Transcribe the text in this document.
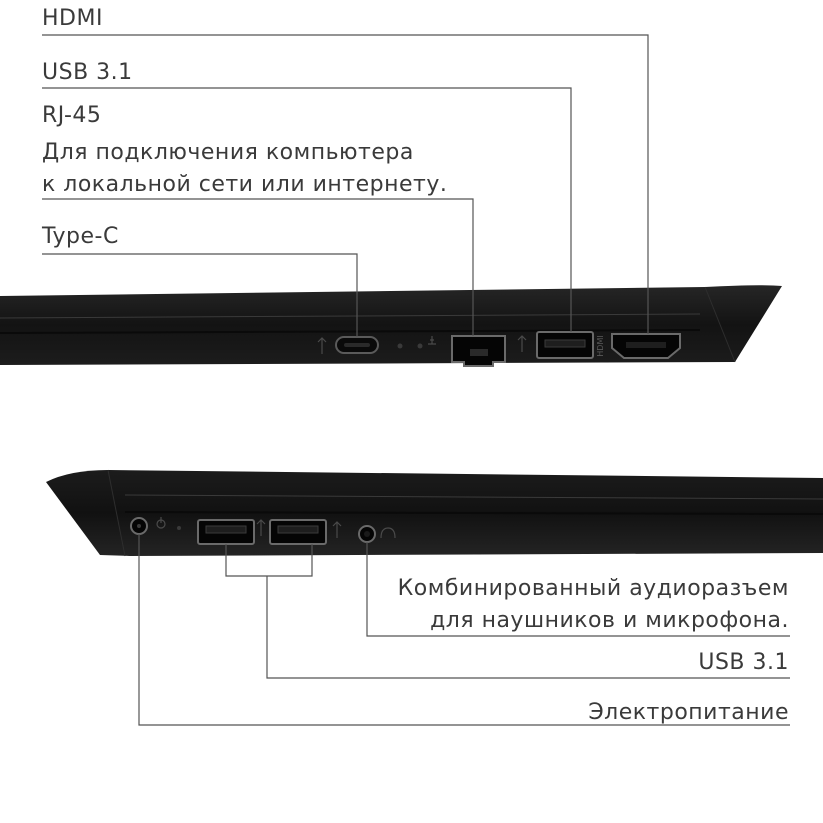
HDMI
USB 3.1
RJ-45
Для подключения компьютера
к локальной сети или интернету.
Type-C
Комбинированный аудиоразъем
для наушников и микрофона.
USB 3.1
Электропитание
HDMI
